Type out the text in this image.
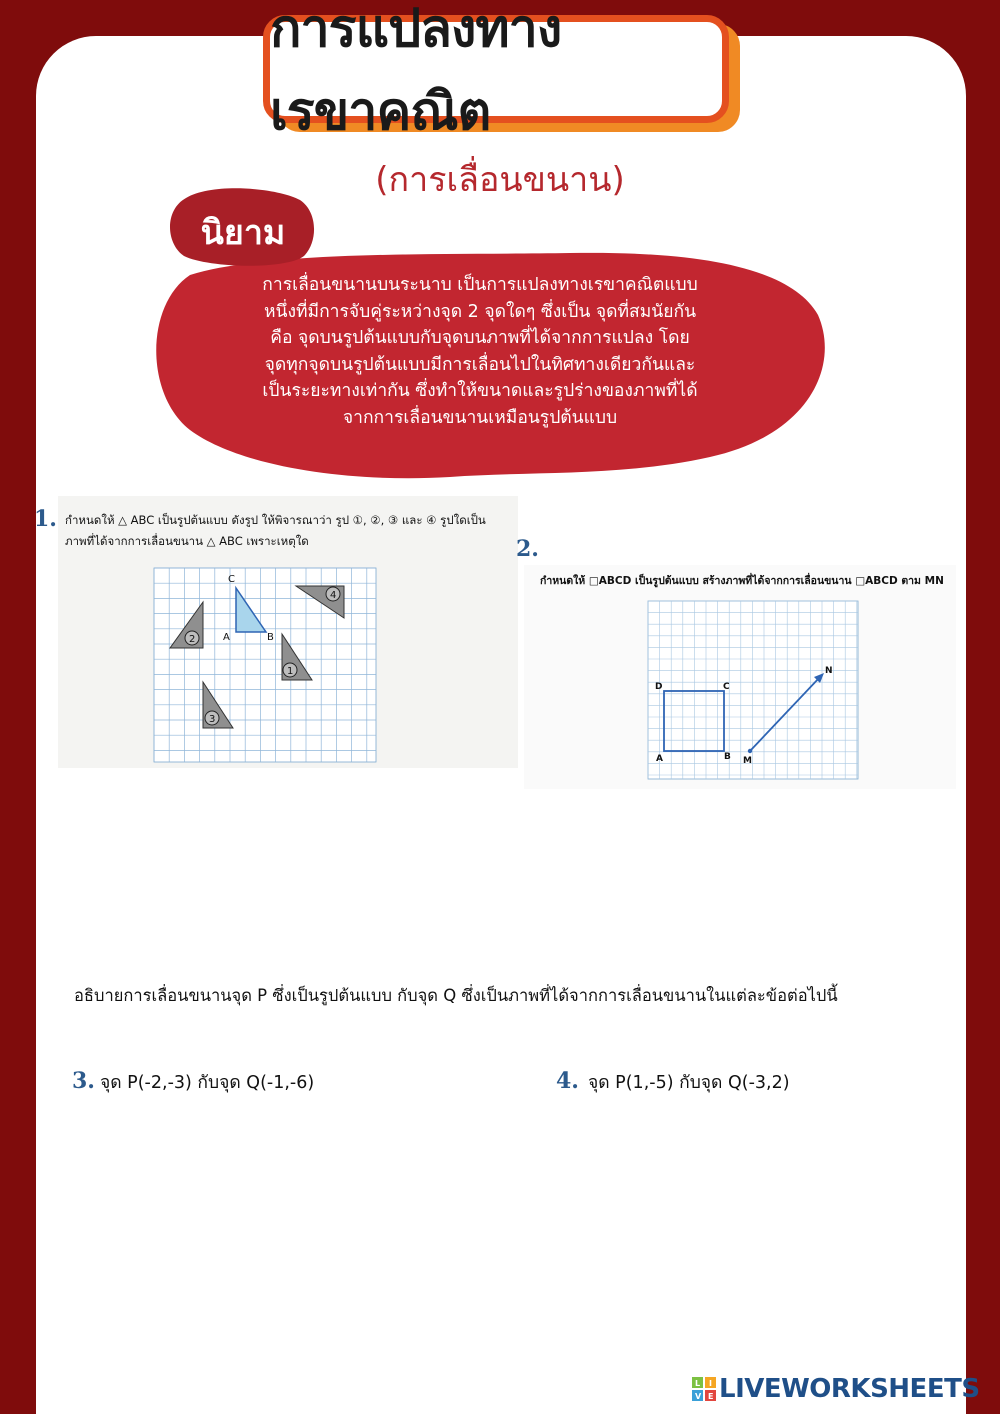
การแปลงทางเรขาคณิต
(การเลื่อนขนาน)
นิยาม
การเลื่อนขนานบนระนาบ เป็นการแปลงทางเรขาคณิตแบบ
หนึ่งที่มีการจับคู่ระหว่างจุด 2 จุดใดๆ ซึ่งเป็น จุดที่สมนัยกัน
คือ จุดบนรูปต้นแบบกับจุดบนภาพที่ได้จากการแปลง โดย
จุดทุกจุดบนรูปต้นแบบมีการเลื่อนไปในทิศทางเดียวกันและ
เป็นระยะทางเท่ากัน ซึ่งทำให้ขนาดและรูปร่างของภาพที่ได้
จากการเลื่อนขนานเหมือนรูปต้นแบบ
C
A	B
2
1
3
4
1. กำหนดให้ △ ABC เป็นรูปต้นแบบ ดังรูป ให้พิจารณาว่า รูป ①, ②, ③ และ ④ รูปใดเป็น
ภาพที่ได้จากการเลื่อนขนาน △ ABC เพราะเหตุใด
D	C
A	B M
N
2.
กำหนดให้ □ABCD เป็นรูปต้นแบบ สร้างภาพที่ได้จากการเลื่อนขนาน □ABCD ตาม MN
อธิบายการเลื่อนขนานจุด P ซึ่งเป็นรูปต้นแบบ กับจุด Q ซึ่งเป็นภาพที่ได้จากการเลื่อนขนานในแต่ละข้อต่อไปนี้
3. จุด P(-2,-3) กับจุด Q(-1,-6)	4. จุด P(1,-5) กับจุด Q(-3,2)
L I
V E LIVEWORKSHEETS
